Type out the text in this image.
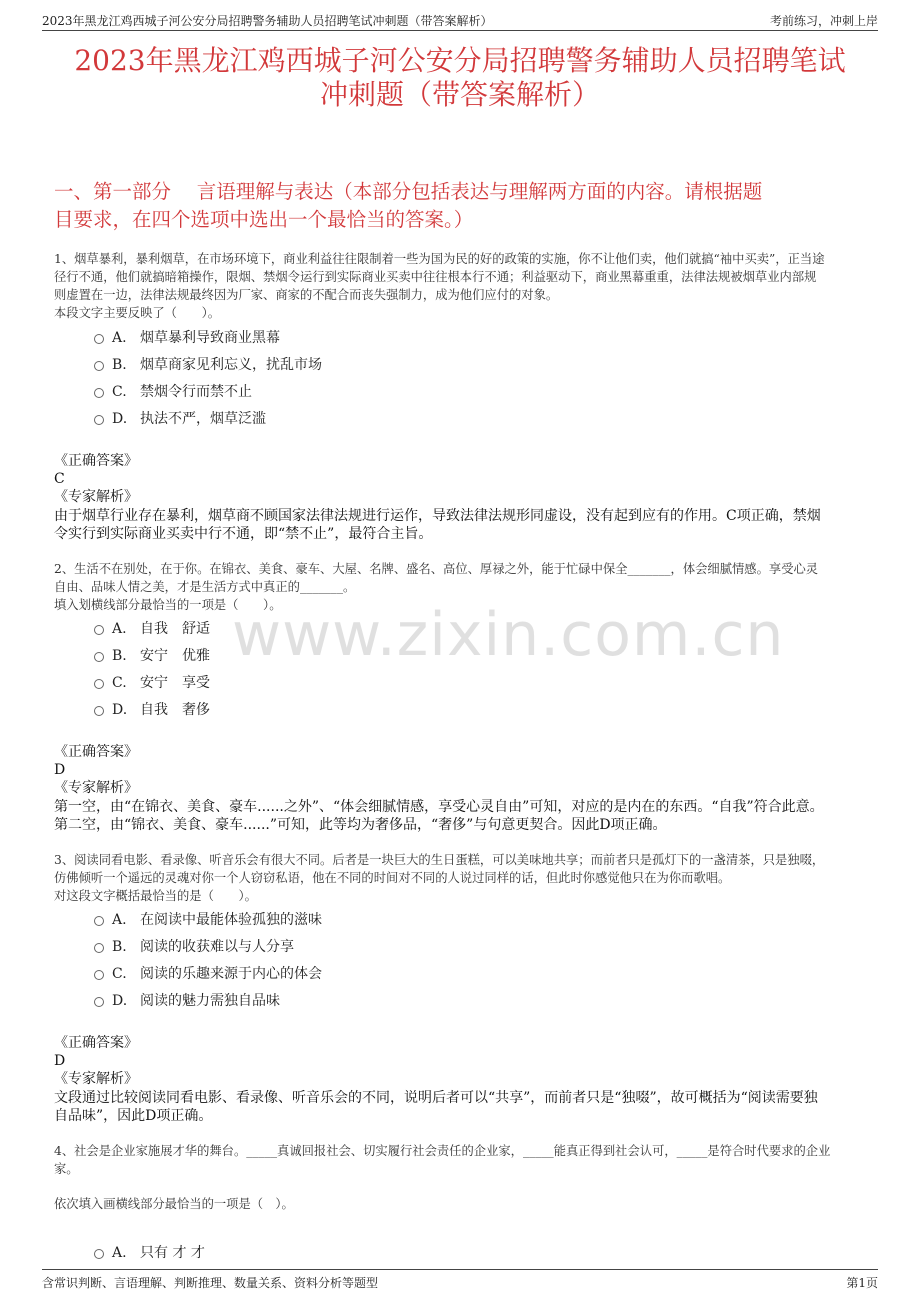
2023年黑龙江鸡西城子河公安分局招聘警务辅助人员招聘笔试冲刺题（带答案解析）	考前练习，冲刺上岸
2023年黑龙江鸡西城子河公安分局招聘警务辅助人员招聘笔试
冲刺题（带答案解析）
一、第一部分　 言语理解与表达（本部分包括表达与理解两方面的内容。请根据题
目要求，在四个选项中选出一个最恰当的答案。）
www.zixin.com.cn
1、烟草暴利，暴利烟草，在市场环境下，商业利益往往限制着一些为国为民的好的政策的实施，你不让他们卖，他们就搞“袖中买卖”，正当途
径行不通，他们就搞暗箱操作，限烟、禁烟令运行到实际商业买卖中往往根本行不通；利益驱动下，商业黑幕重重，法律法规被烟草业内部规
则虚置在一边，法律法规最终因为厂家、商家的不配合而丧失强制力，成为他们应付的对象。
本段文字主要反映了（　　）。
A. 烟草暴利导致商业黑幕
B. 烟草商家见利忘义，扰乱市场
C. 禁烟令行而禁不止
D. 执法不严，烟草泛滥
《正确答案》
C
《专家解析》
由于烟草行业存在暴利，烟草商不顾国家法律法规进行运作，导致法律法规形同虚设，没有起到应有的作用。C项正确，禁烟
令实行到实际商业买卖中行不通，即“禁不止”，最符合主旨。
2、生活不在别处，在于你。在锦衣、美食、豪车、大屋、名牌、盛名、高位、厚禄之外，能于忙碌中保全_______，体会细腻情感。享受心灵
自由、品味人情之美，才是生活方式中真正的_______。
填入划横线部分最恰当的一项是（　　）。
A. 自我　舒适
B. 安宁　优雅
C. 安宁　享受
D. 自我　奢侈
《正确答案》
D
《专家解析》
第一空，由“在锦衣、美食、豪车......之外”、“体会细腻情感，享受心灵自由”可知，对应的是内在的东西。“自我”符合此意。
第二空，由“锦衣、美食、豪车......”可知，此等均为奢侈品，“奢侈”与句意更契合。因此D项正确。
3、阅读同看电影、看录像、听音乐会有很大不同。后者是一块巨大的生日蛋糕，可以美味地共享；而前者只是孤灯下的一盏清茶，只是独啜，
仿佛倾听一个遥远的灵魂对你一个人窃窃私语，他在不同的时间对不同的人说过同样的话，但此时你感觉他只在为你而歌唱。
对这段文字概括最恰当的是（　　）。
A. 在阅读中最能体验孤独的滋味
B. 阅读的收获难以与人分享
C. 阅读的乐趣来源于内心的体会
D. 阅读的魅力需独自品味
《正确答案》
D
《专家解析》
文段通过比较阅读同看电影、看录像、听音乐会的不同，说明后者可以“共享”，而前者只是“独啜”，故可概括为“阅读需要独
自品味”，因此D项正确。
4、社会是企业家施展才华的舞台。_____真诚回报社会、切实履行社会责任的企业家，_____能真正得到社会认可，_____是符合时代要求的企业
家。
依次填入画横线部分最恰当的一项是（　）。
A. 只有 才 才
含常识判断、言语理解、判断推理、数量关系、资料分析等题型	第1页
